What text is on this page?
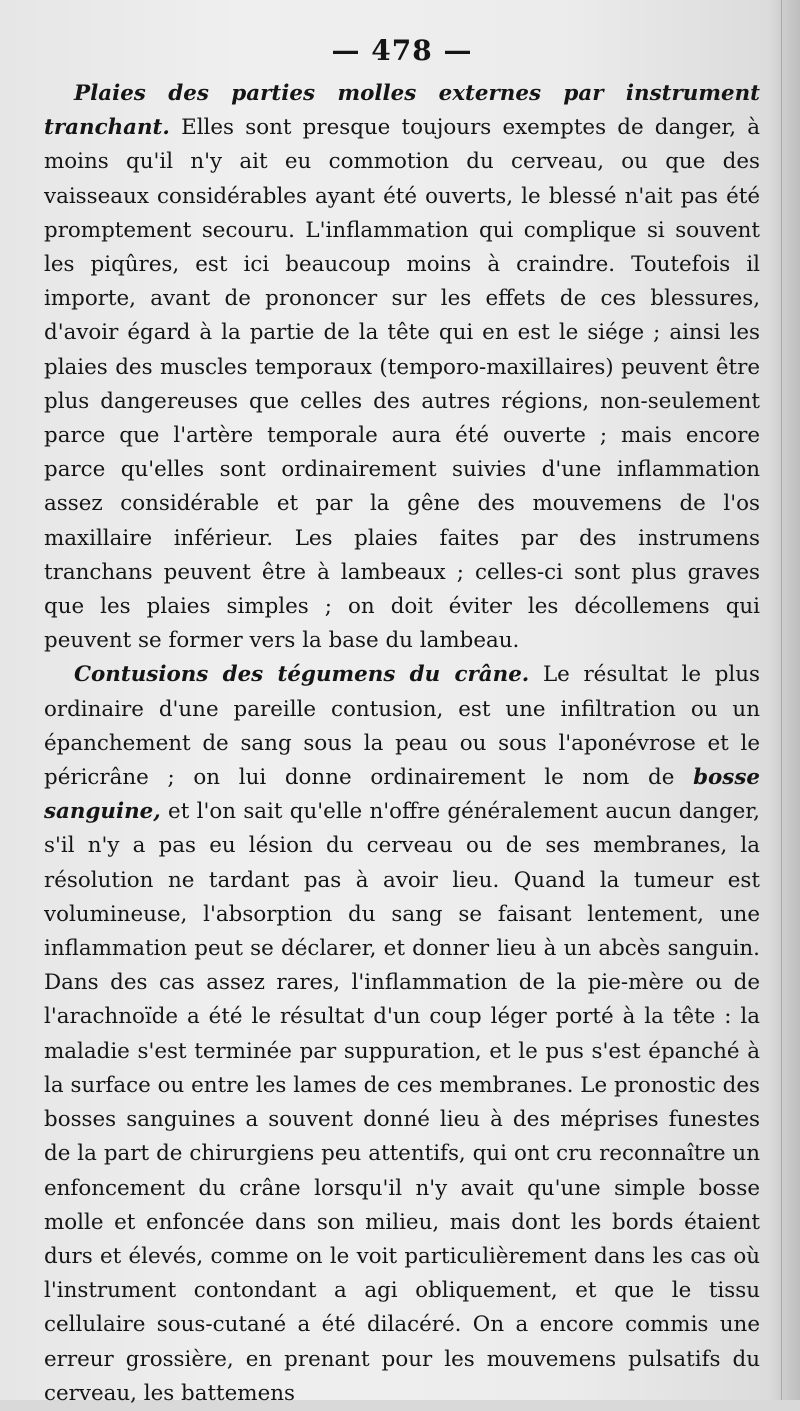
— 478 —

Plaies des parties molles externes par instrument tranchant. Elles sont presque toujours exemptes de danger, à moins qu'il n'y ait eu commotion du cerveau, ou que des vaisseaux considérables ayant été ouverts, le blessé n'ait pas été promptement secouru. L'inflammation qui complique si souvent les piqûres, est ici beaucoup moins à craindre. Toutefois il importe, avant de prononcer sur les effets de ces blessures, d'avoir égard à la partie de la tête qui en est le siége ; ainsi les plaies des muscles temporaux (temporo-maxillaires) peuvent être plus dangereuses que celles des autres régions, non-seulement parce que l'artère temporale aura été ouverte ; mais encore parce qu'elles sont ordinairement suivies d'une inflammation assez considérable et par la gêne des mouvemens de l'os maxillaire inférieur. Les plaies faites par des instrumens tranchans peuvent être à lambeaux ; celles-ci sont plus graves que les plaies simples ; on doit éviter les décollemens qui peuvent se former vers la base du lambeau.

Contusions des tégumens du crâne. Le résultat le plus ordinaire d'une pareille contusion, est une infiltration ou un épanchement de sang sous la peau ou sous l'aponévrose et le péricrâne ; on lui donne ordinairement le nom de bosse sanguine, et l'on sait qu'elle n'offre généralement aucun danger, s'il n'y a pas eu lésion du cerveau ou de ses membranes, la résolution ne tardant pas à avoir lieu. Quand la tumeur est volumineuse, l'absorption du sang se faisant lentement, une inflammation peut se déclarer, et donner lieu à un abcès sanguin. Dans des cas assez rares, l'inflammation de la pie-mère ou de l'arachnoïde a été le résultat d'un coup léger porté à la tête : la maladie s'est terminée par suppuration, et le pus s'est épanché à la surface ou entre les lames de ces membranes. Le pronostic des bosses sanguines a souvent donné lieu à des méprises funestes de la part de chirurgiens peu attentifs, qui ont cru reconnaître un enfoncement du crâne lorsqu'il n'y avait qu'une simple bosse molle et enfoncée dans son milieu, mais dont les bords étaient durs et élevés, comme on le voit particulièrement dans les cas où l'instrument contondant a agi obliquement, et que le tissu cellulaire sous-cutané a été dilacéré. On a encore commis une erreur grossière, en prenant pour les mouvemens pulsatifs du cerveau, les battemens
